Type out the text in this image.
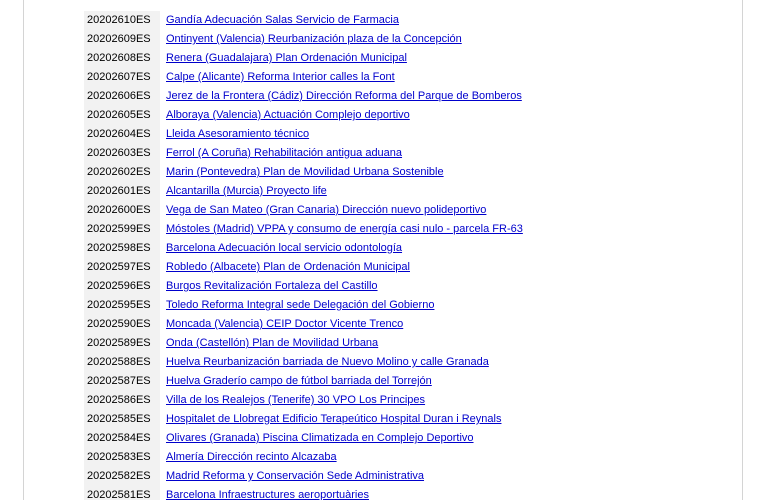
20202610ES	Gandía Adecuación Salas Servicio de Farmacia
20202609ES	Ontinyent (Valencia) Reurbanización plaza de la Concepción
20202608ES	Renera (Guadalajara) Plan Ordenación Municipal
20202607ES	Calpe (Alicante) Reforma Interior calles la Font
20202606ES	Jerez de la Frontera (Cádiz) Dirección Reforma del Parque de Bomberos
20202605ES	Alboraya (Valencia) Actuación Complejo deportivo
20202604ES	Lleida Asesoramiento técnico
20202603ES	Ferrol (A Coruña) Rehabilitación antigua aduana
20202602ES	Marin (Pontevedra) Plan de Movilidad Urbana Sostenible
20202601ES	Alcantarilla (Murcia) Proyecto life
20202600ES	Vega de San Mateo (Gran Canaria) Dirección nuevo polideportivo
20202599ES	Móstoles (Madrid) VPPA y consumo de energía casi nulo - parcela FR-63
20202598ES	Barcelona Adecuación local servicio odontología
20202597ES	Robledo (Albacete) Plan de Ordenación Municipal
20202596ES	Burgos Revitalización Fortaleza del Castillo
20202595ES	Toledo Reforma Integral sede Delegación del Gobierno
20202590ES	Moncada (Valencia) CEIP Doctor Vicente Trenco
20202589ES	Onda (Castellón) Plan de Movilidad Urbana
20202588ES	Huelva Reurbanización barriada de Nuevo Molino y calle Granada
20202587ES	Huelva Graderío campo de fútbol barriada del Torrejón
20202586ES	Villa de los Realejos (Tenerife) 30 VPO Los Principes
20202585ES	Hospitalet de Llobregat Edificio Terapeútico Hospital Duran i Reynals
20202584ES	Olivares (Granada) Piscina Climatizada en Complejo Deportivo
20202583ES	Almería Dirección recinto Alcazaba
20202582ES	Madrid Reforma y Conservación Sede Administrativa
20202581ES	Barcelona Infraestructures aeroportuàries
